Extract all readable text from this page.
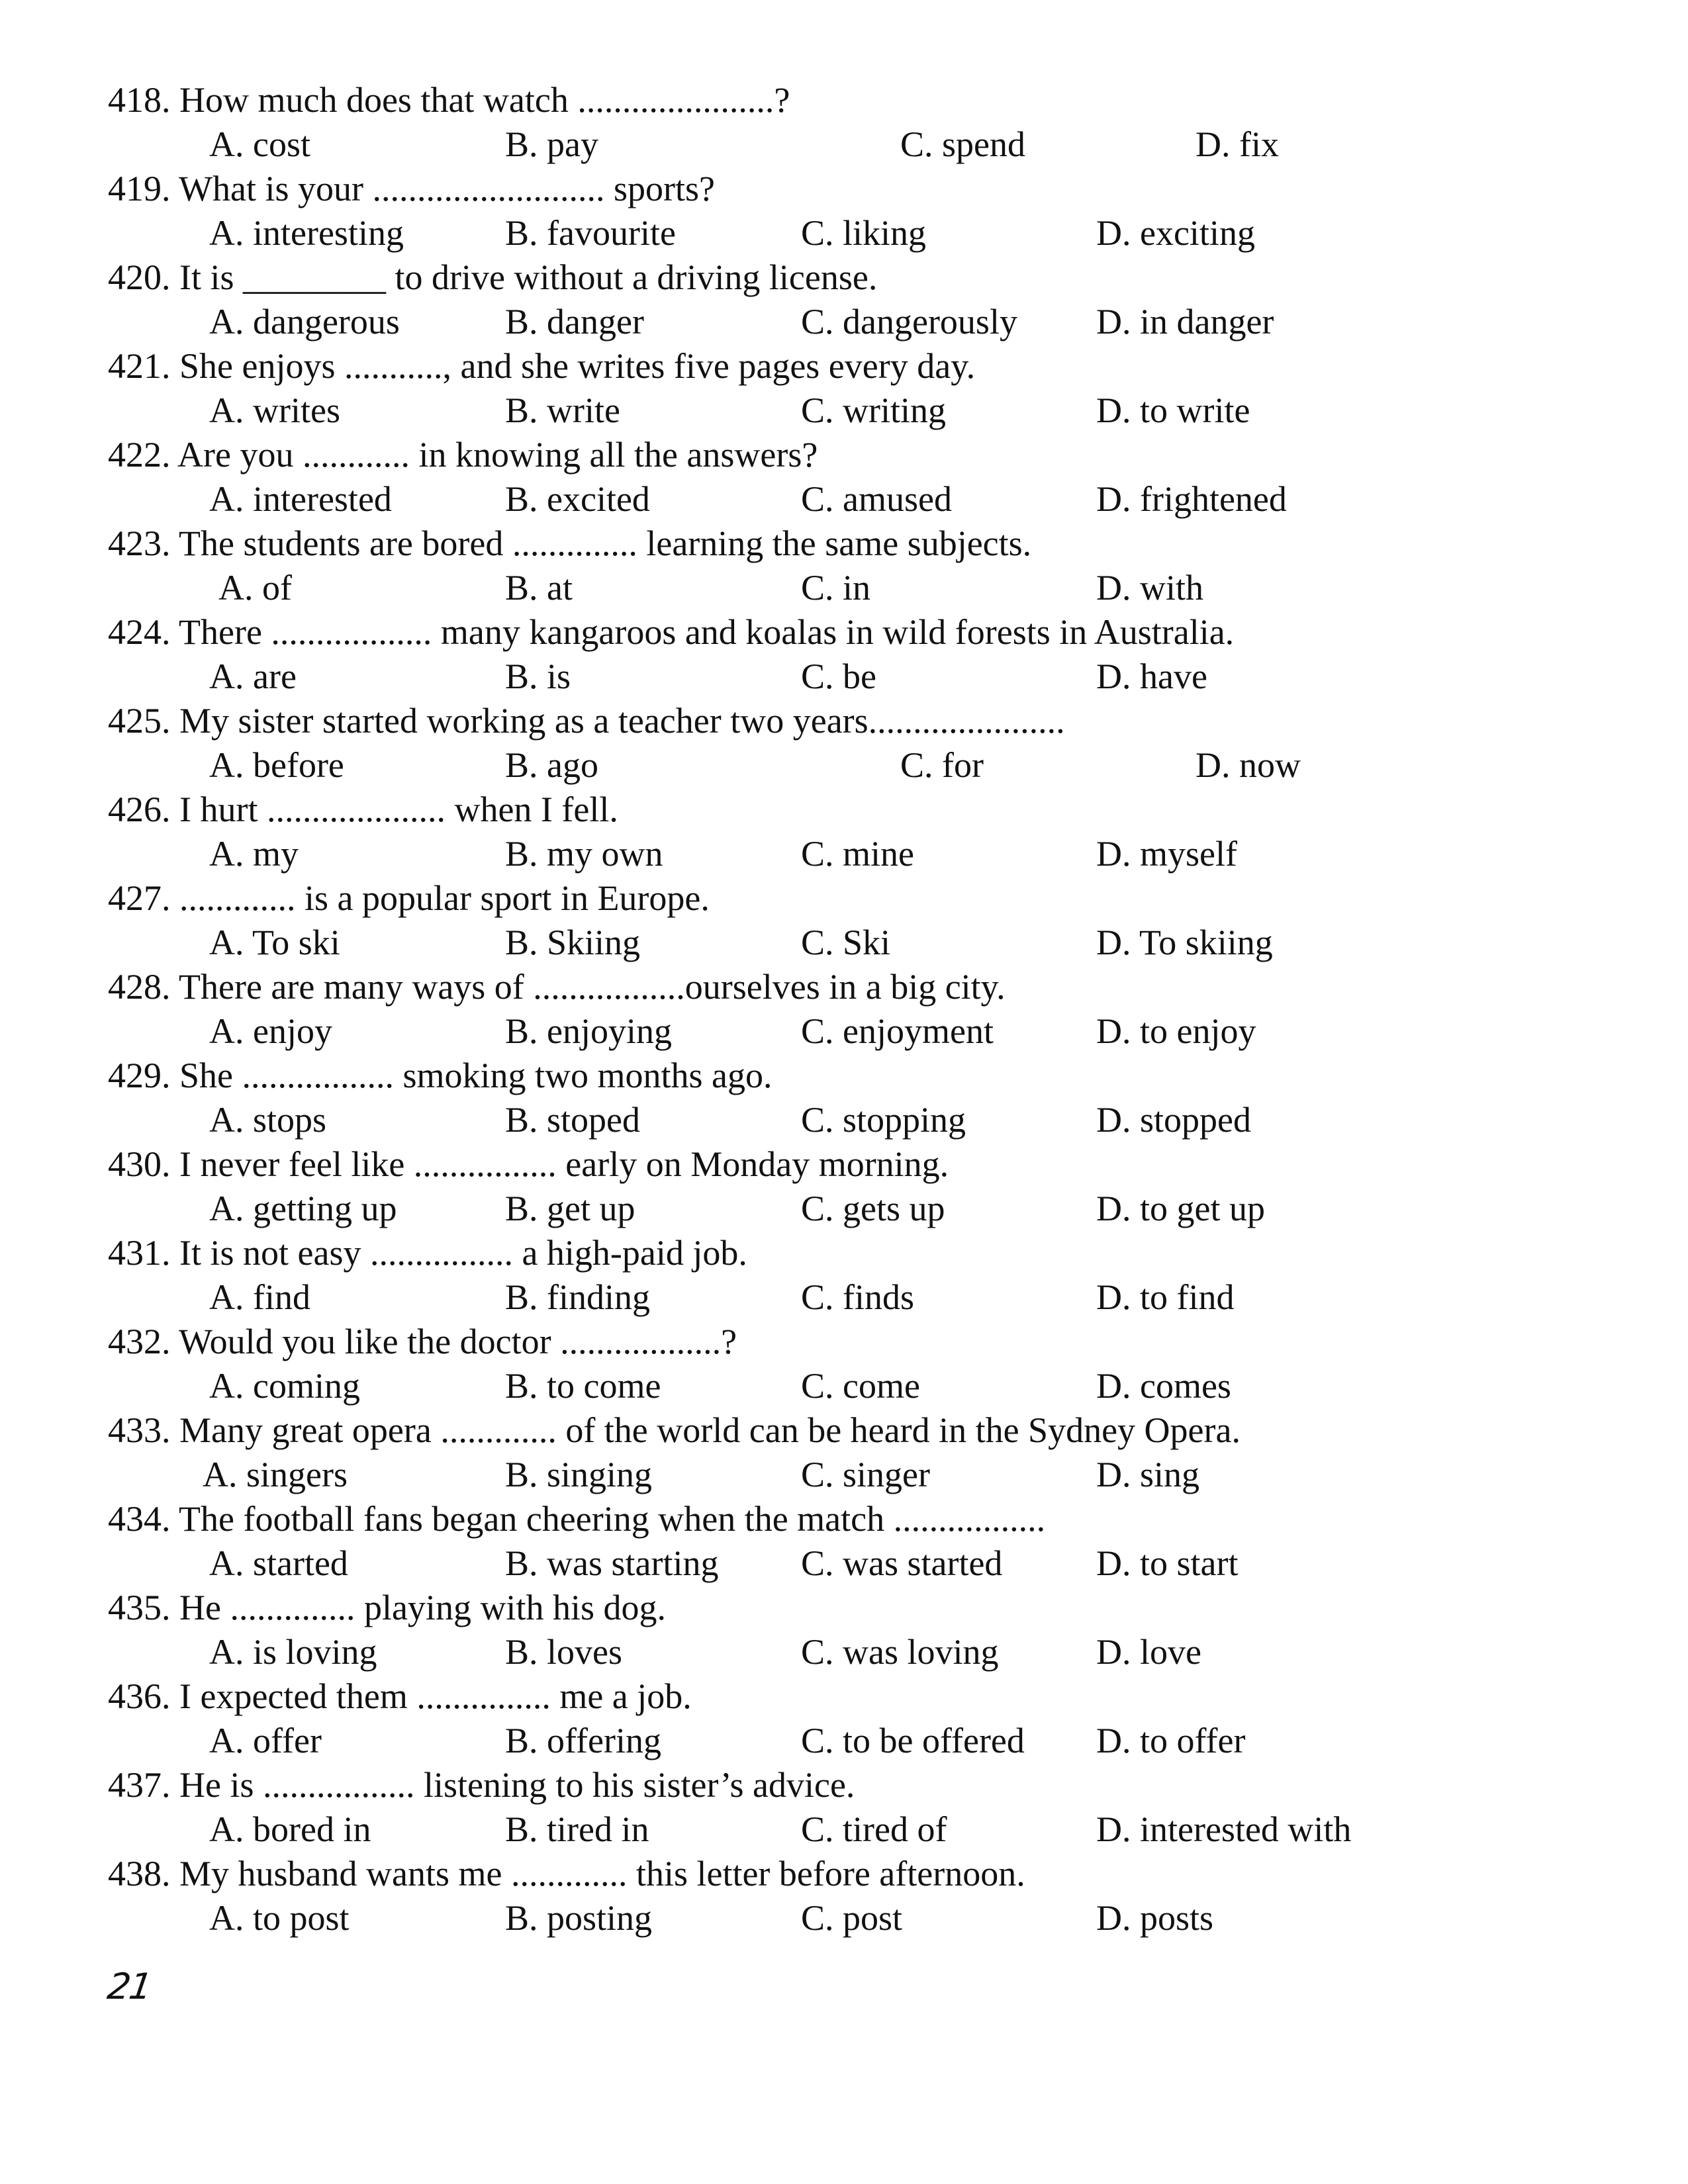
418. How much does that watch ......................?
A. cost	B. pay	C. spend	D. fix
419. What is your .......................... sports?
A. interesting	B. favourite	C. liking	D. exciting
420. It is ________ to drive without a driving license.
A. dangerous	B. danger	C. dangerously D. in danger
421. She enjoys ..........., and she writes five pages every day.
A. writes	B. write	C. writing	D. to write
422. Are you ............ in knowing all the answers?
A. interested	B. excited	C. amused	D. frightened
423. The students are bored .............. learning the same subjects.
A. of	B. at	C. in	D. with
424. There .................. many kangaroos and koalas in wild forests in Australia.
A. are	B. is	C. be	D. have
425. My sister started working as a teacher two years......................
A. before	B. ago	C. for	D. now
426. I hurt .................... when I fell.
A. my	B. my own	C. mine	D. myself
427. ............. is a popular sport in Europe.
A. To ski	B. Skiing	C. Ski	D. To skiing
428. There are many ways of .................ourselves in a big city.
A. enjoy	B. enjoying	C. enjoyment	D. to enjoy
429. She ................. smoking two months ago.
A. stops	B. stoped	C. stopping	D. stopped
430. I never feel like ................ early on Monday morning.
A. getting up	B. get up	C. gets up	D. to get up
431. It is not easy ................ a high-paid job.
A. find	B. finding	C. finds	D. to find
432. Would you like the doctor ..................?
A. coming	B. to come	C. come	D. comes
433. Many great opera ............. of the world can be heard in the Sydney Opera.
A. singers	B. singing	C. singer	D. sing
434. The football fans began cheering when the match .................
A. started	B. was starting C. was started	D. to start
435. He .............. playing with his dog.
A. is loving	B. loves	C. was loving	D. love
436. I expected them ............... me a job.
A. offer	B. offering	C. to be offered D. to offer
437. He is ................. listening to his sister’s advice.
A. bored in	B. tired in	C. tired of	D. interested with
438. My husband wants me ............. this letter before afternoon.
A. to post	B. posting	C. post	D. posts
21
